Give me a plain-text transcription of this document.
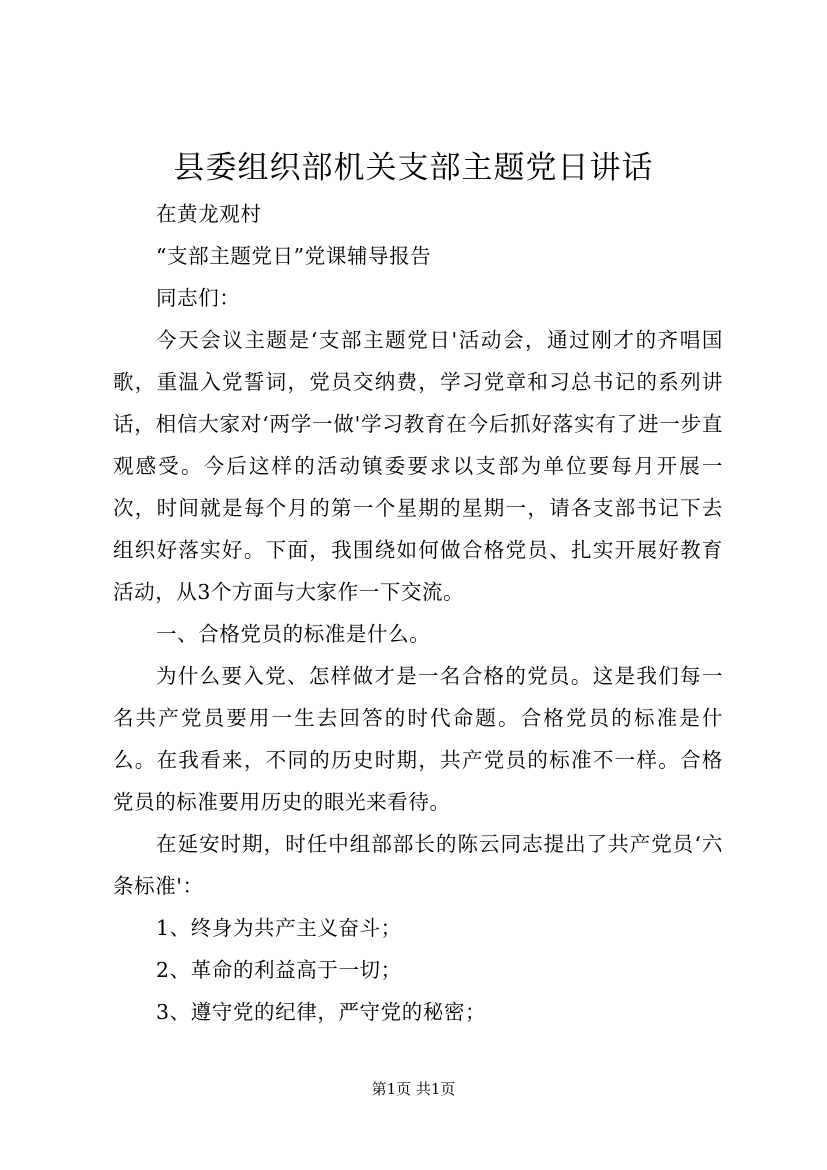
县委组织部机关支部主题党日讲话

在黄龙观村

“支部主题党日”党课辅导报告

同志们：

今天会议主题是‘支部主题党日'活动会，通过刚才的齐唱国歌，重温入党誓词，党员交纳费，学习党章和习总书记的系列讲话，相信大家对‘两学一做'学习教育在今后抓好落实有了进一步直观感受。今后这样的活动镇委要求以支部为单位要每月开展一次，时间就是每个月的第一个星期的星期一，请各支部书记下去组织好落实好。下面，我围绕如何做合格党员、扎实开展好教育活动，从3个方面与大家作一下交流。

一、合格党员的标准是什么。

为什么要入党、怎样做才是一名合格的党员。这是我们每一名共产党员要用一生去回答的时代命题。合格党员的标准是什么。在我看来，不同的历史时期，共产党员的标准不一样。合格党员的标准要用历史的眼光来看待。

在延安时期，时任中组部部长的陈云同志提出了共产党员‘六条标准'：

1、终身为共产主义奋斗；

2、革命的利益高于一切；

3、遵守党的纪律，严守党的秘密；

第1页 共1页
